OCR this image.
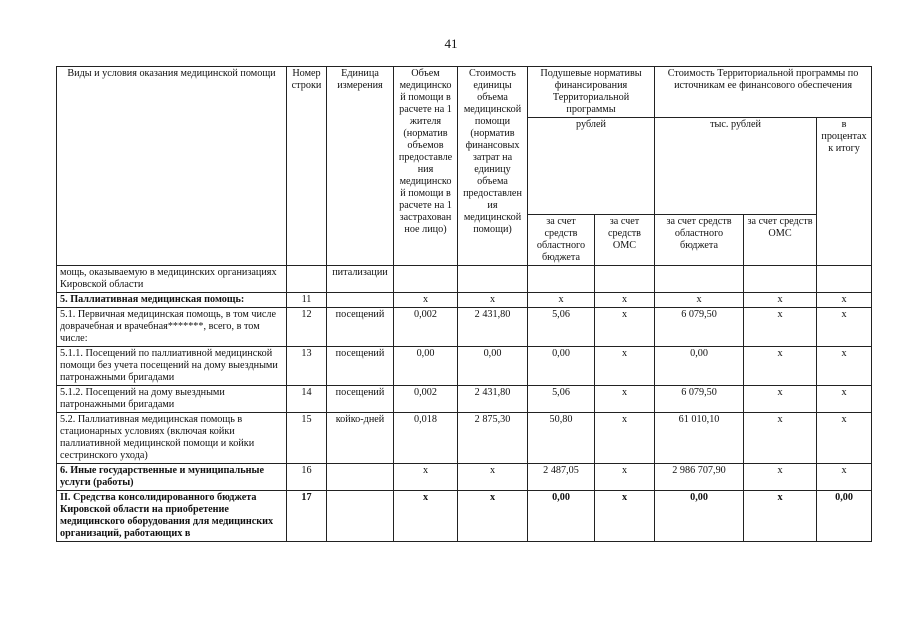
41
Виды и условия оказания медицинской помощи	Номер строки	Единица измерения	Объем медицинской помощи в расчете на 1 жителя (норматив объемов предоставления медицинской помощи в расчете на 1 застрахованное лицо)	Стоимость единицы объема медицинской помощи (норматив финансовых затрат на единицу объема предоставления медицинской помощи)	Подушевые нормативы финансирования Территориальной программы		Стоимость Территориальной программы по источникам ее финансового обеспечения		
					рублей		тыс. рублей		в процентах к итогу
					за счет средств областного бюджета	за счет средств ОМС	за счет средств областного бюджета	за счет средств ОМС	
мощь, оказываемую в медицинских организациях Кировской области		питализации							
5. Паллиативная медицинская помощь:	11		x	x	x	x	x	x	x
5.1. Первичная медицинская помощь, в том числе доврачебная и врачебная*******, всего, в том числе:	12	посещений	0,002	2 431,80	5,06	x	6 079,50	x	x
5.1.1. Посещений по паллиативной медицинской помощи без учета посещений на дому выездными патронажными бригадами	13	посещений	0,00	0,00	0,00	x	0,00	x	x
5.1.2. Посещений на дому выездными патронажными бригадами	14	посещений	0,002	2 431,80	5,06	x	6 079,50	x	x
5.2. Паллиативная медицинская помощь в стационарных условиях (включая койки паллиативной медицинской помощи и койки сестринского ухода)	15	койко-дней	0,018	2 875,30	50,80	x	61 010,10	x	x
6. Иные государственные и муниципальные услуги (работы)	16		x	x	2 487,05	x	2 986 707,90	x	x
II. Средства консолидированного бюджета Кировской области на приобретение медицинского оборудования для медицинских организаций, работающих в	17		x	x	0,00	x	0,00	x	0,00
